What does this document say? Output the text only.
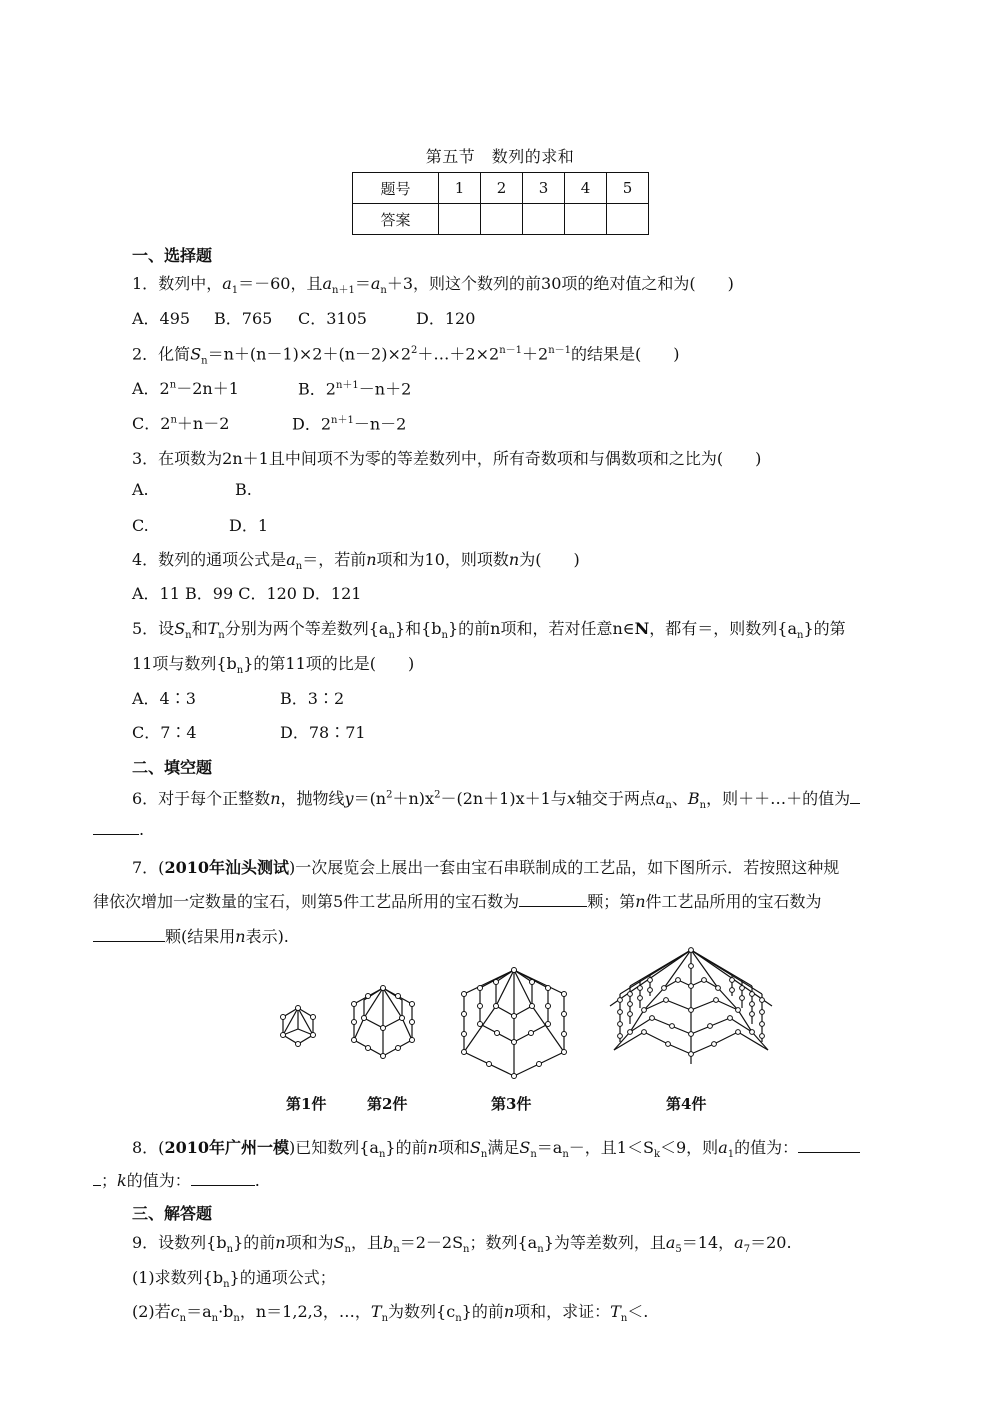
第五节　数列的求和
题号	1	2	3	4	5
答案					
一、选择题
1．数列中，$a_1=-60$，且$a_{n+1}=a_n+3$，则这个数列的前30项的绝对值之和为(　　)
A．495 B．765 C．3105	D．120
2．化简$S_n=n+(n-1)\times 2+(n-2)\times 2^2+\dots+2\times 2^{n-1}+2^{n-1}$的结果是(　　)
A．$2^n-2n+1$	B．$2^{n+1}-n+2$
C．$2^n+n-2$	D．$2^{n+1}-n-2$
3．在项数为2n＋1且中间项不为零的等差数列中，所有奇数项和与偶数项和之比为(　　)
A.	B.
C.	D．1
4．数列的通项公式是$a_n=$，若前n项和为10，则项数n为(　　)
A．11 B．99 C．120 D．121
5．设$S_n$和$T_n$分别为两个等差数列$\{a_n\}$和$\{b_n\}$的前n项和，若对任意n∈N，都有＝，则数列$\{a_n\}$的第
11项与数列$\{b_n\}$的第11项的比是(　　)
A．4∶3	B．3∶2
C．7∶4	D．78∶71
二、填空题
6．对于每个正整数n，抛物线$y=(n^2+n)x^2-(2n+1)x+1$与x轴交于两点$a_n$、$B_n$，则＋＋…＋的值为
.
7．(2010年汕头测试)一次展览会上展出一套由宝石串联制成的工艺品，如下图所示．若按照这种规
律依次增加一定数量的宝石，则第5件工艺品所用的宝石数为	颗；第n件工艺品所用的宝石数为
颗(结果用n表示).
第1件	第2件	第3件	第4件
8．(2010年广州一模)已知数列$\{a_n\}$的前n项和$S_n$满足$S_n=a_n-$，且$1<S_k<9$，则$a_1$的值为：
；k的值为：	.
三、解答题
9．设数列$\{b_n\}$的前n项和为$S_n$，且$b_n=2-2S_n$；数列$\{a_n\}$为等差数列，且$a_5=14$，$a_7=20$.
(1)求数列$\{b_n\}$的通项公式；
(2)若$c_n=a_n\cdot b_n$，n＝1,2,3，…，$T_n$为数列$\{c_n\}$的前n项和，求证：$T_n<$.
